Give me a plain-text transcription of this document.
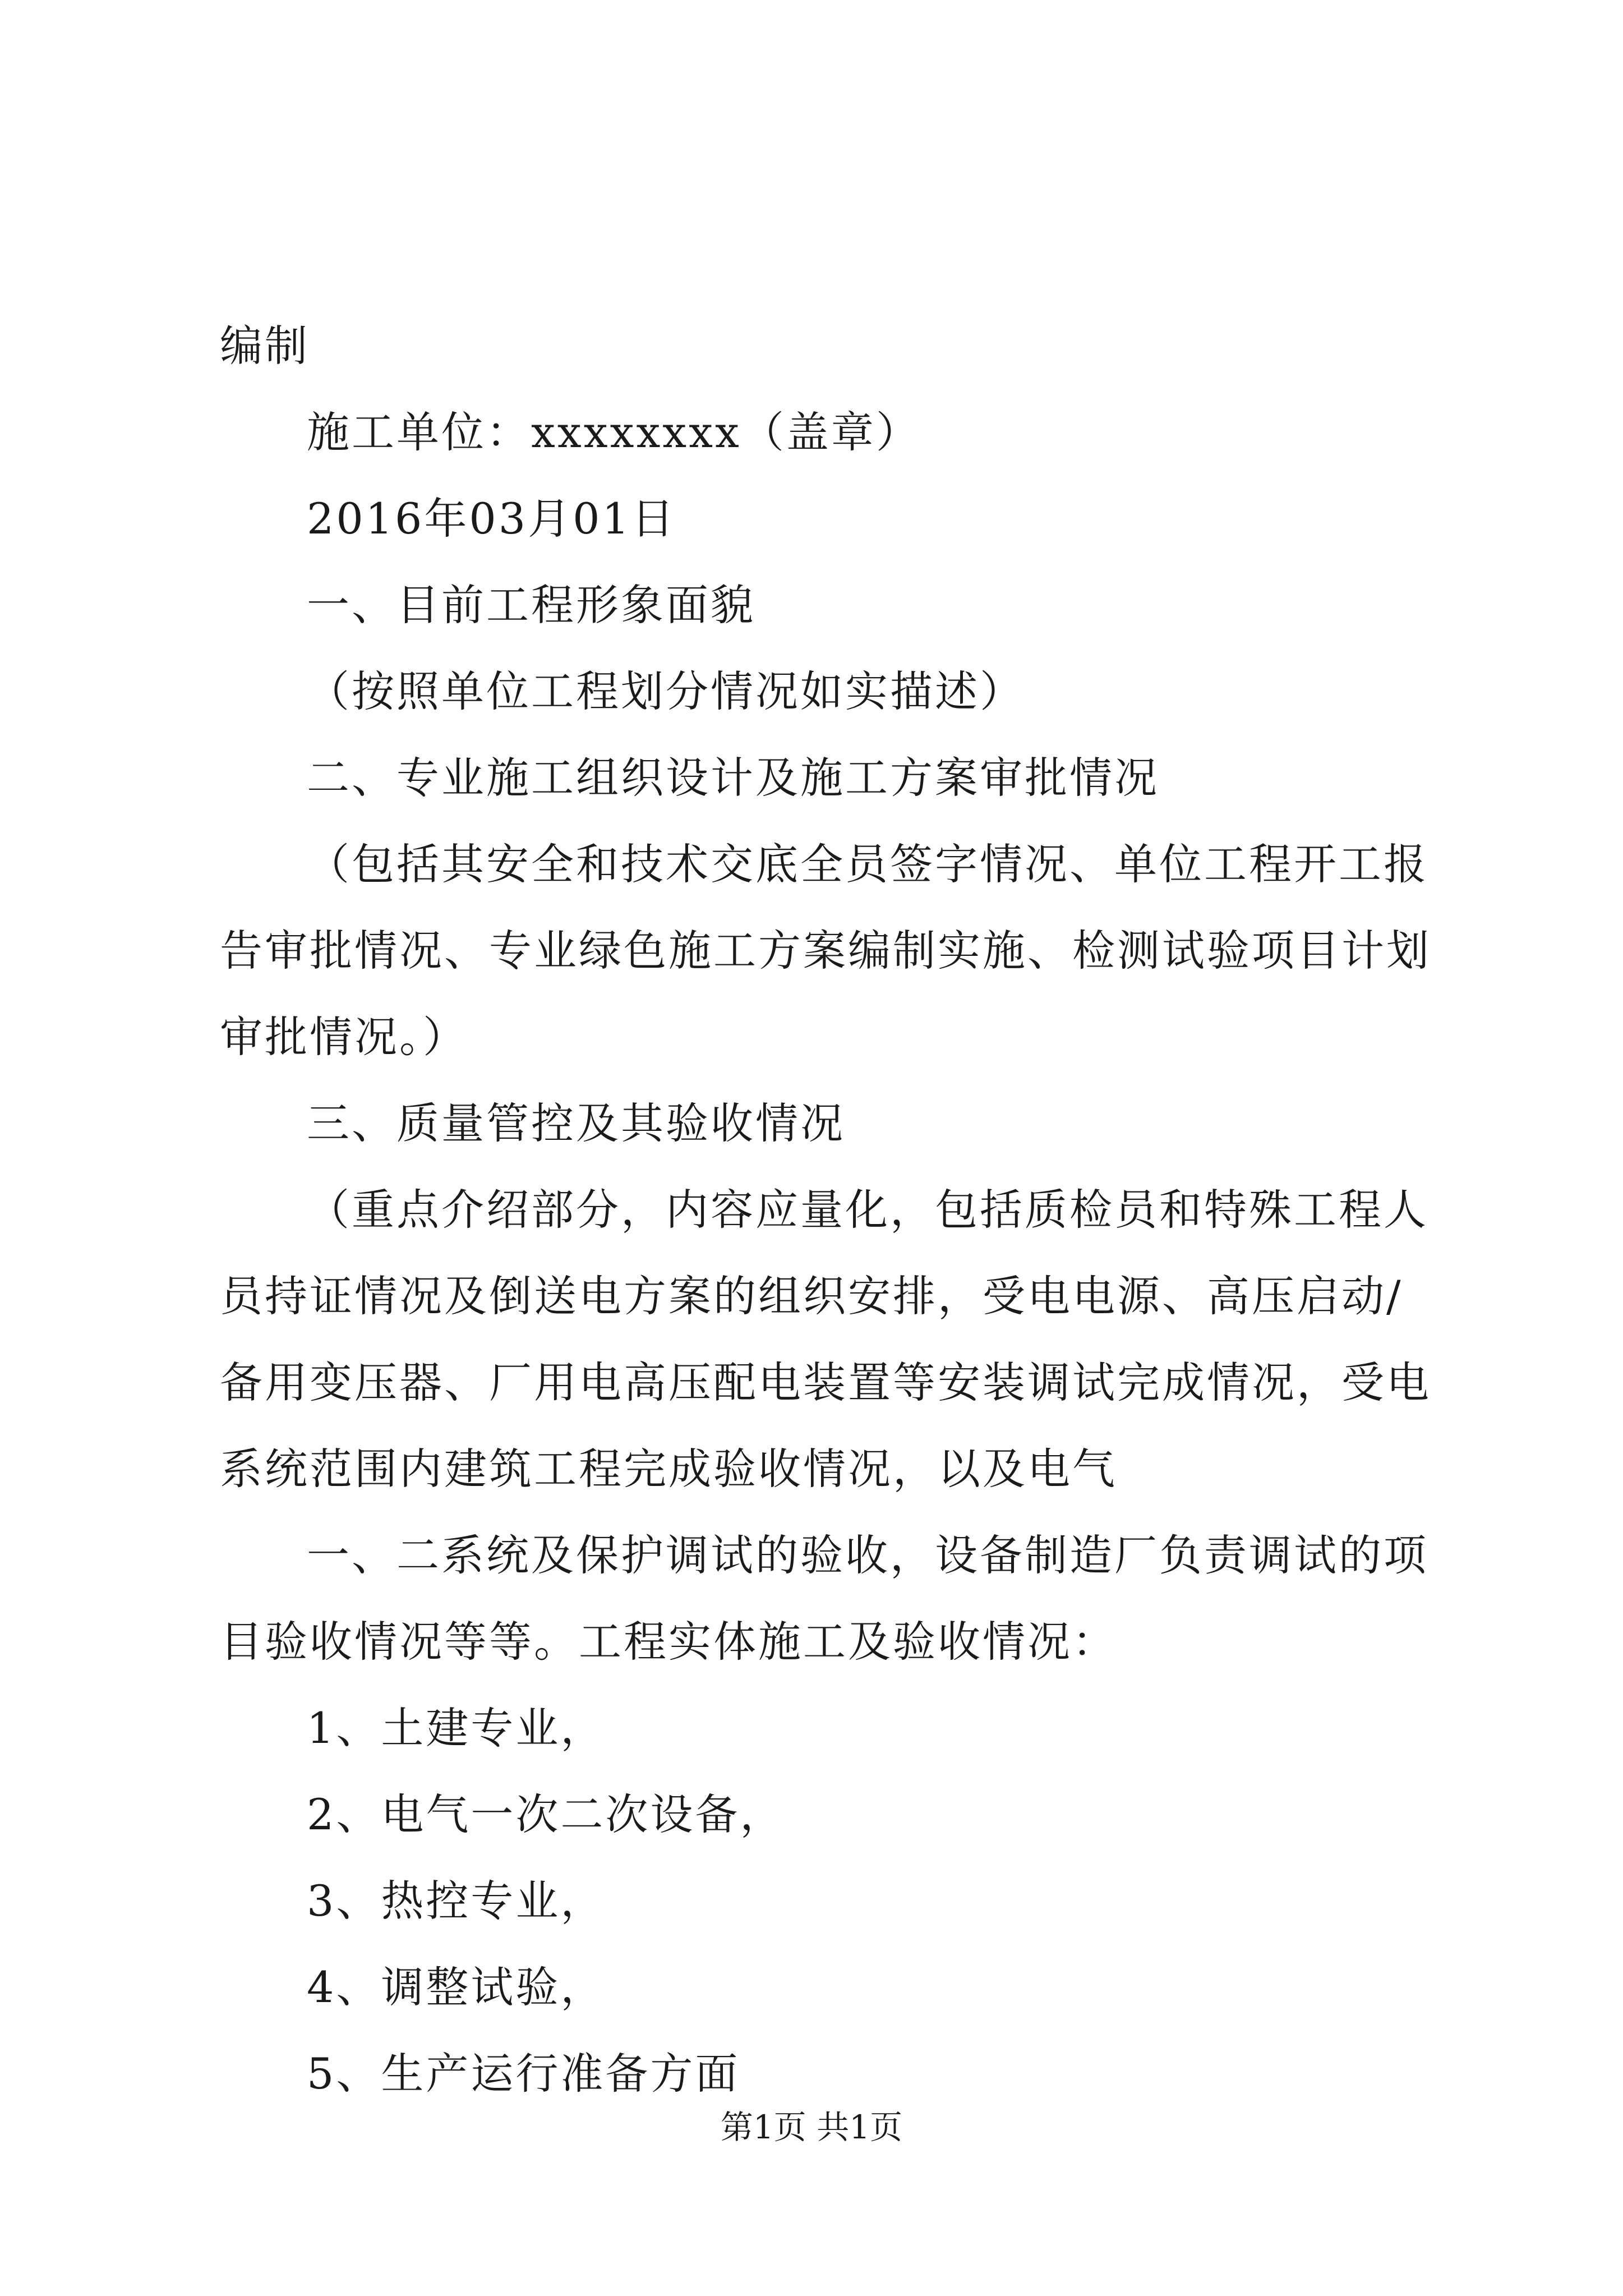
编制

施工单位：xxxxxxxx（盖章）

2016年03月01日

一、目前工程形象面貌

（按照单位工程划分情况如实描述）

二、专业施工组织设计及施工方案审批情况

（包括其安全和技术交底全员签字情况、单位工程开工报告审批情况、专业绿色施工方案编制实施、检测试验项目计划审批情况。）

三、质量管控及其验收情况

（重点介绍部分，内容应量化，包括质检员和特殊工程人员持证情况及倒送电方案的组织安排，受电电源、高压启动/备用变压器、厂用电高压配电装置等安装调试完成情况，受电系统范围内建筑工程完成验收情况，以及电气

一、二系统及保护调试的验收，设备制造厂负责调试的项目验收情况等等。工程实体施工及验收情况：

1、土建专业，

2、电气一次二次设备，

3、热控专业，

4、调整试验，

5、生产运行准备方面

第1页 共1页
